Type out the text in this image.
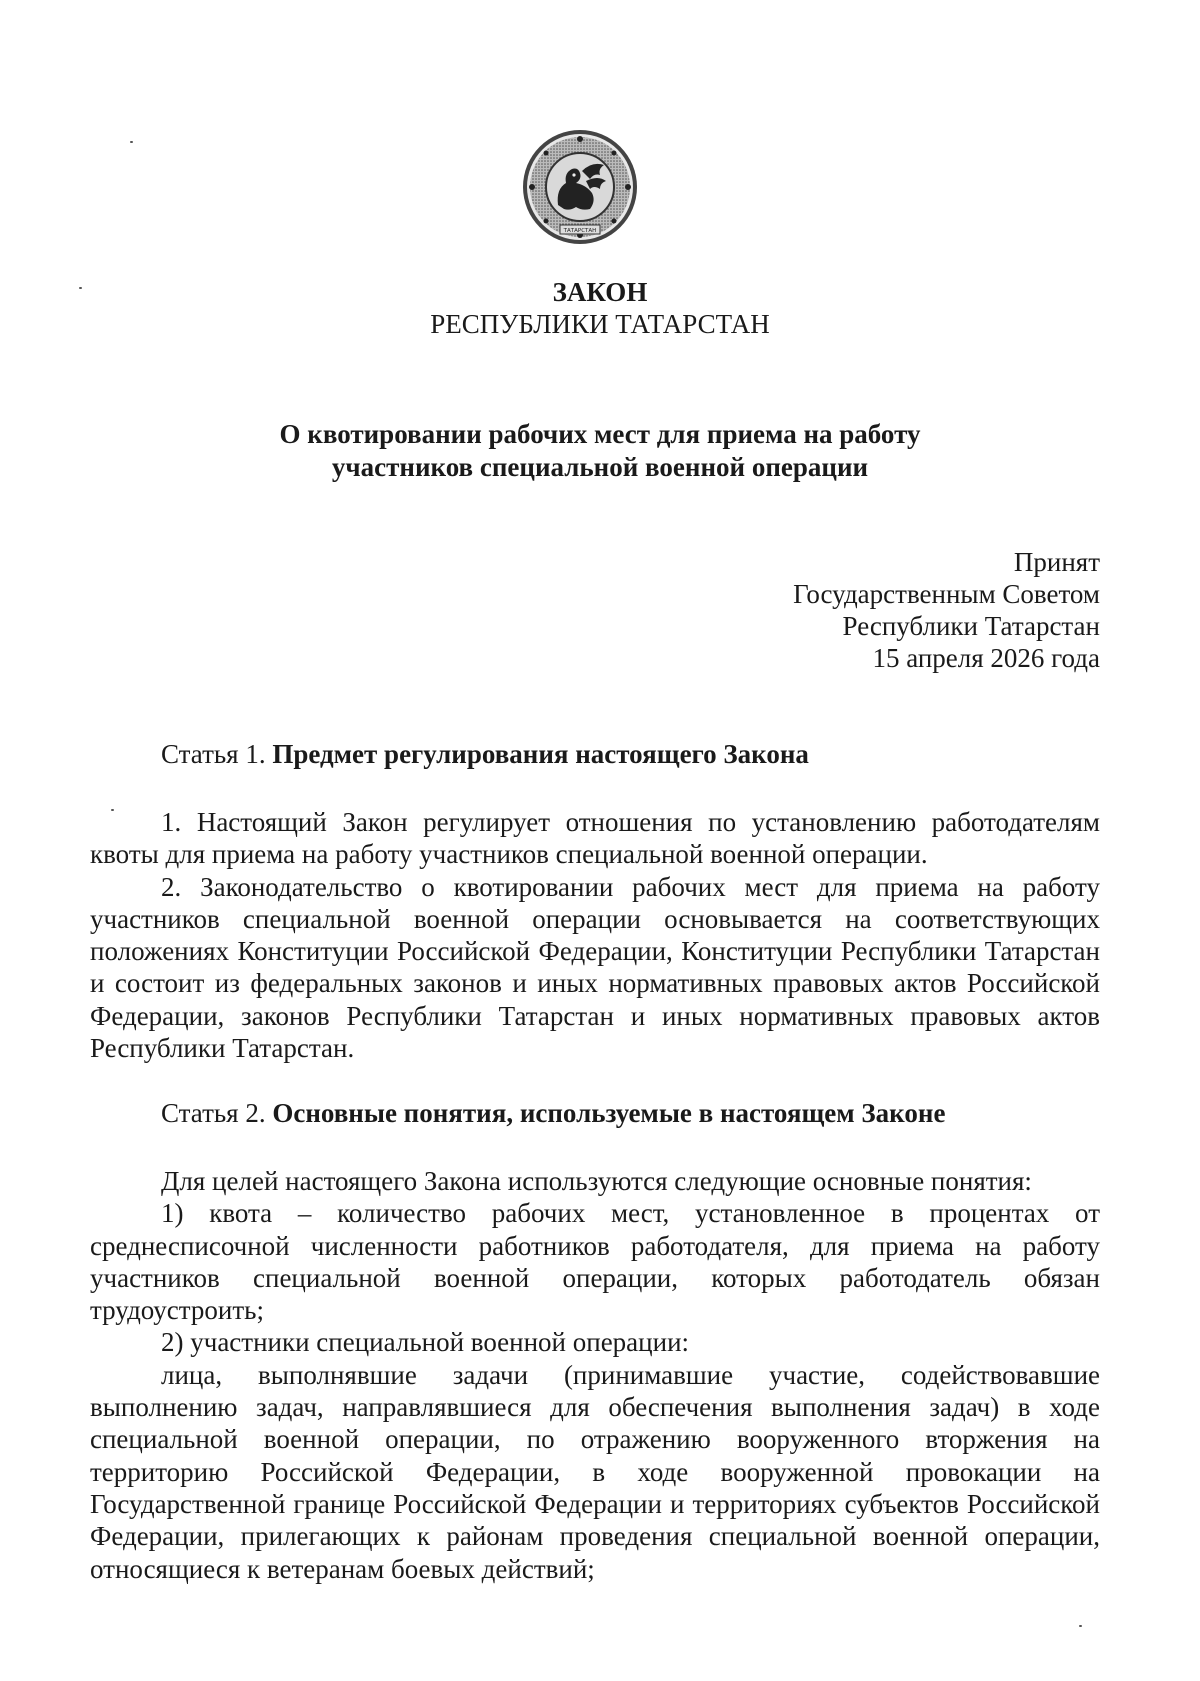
ТАТАРСТАН
ЗАКОН
РЕСПУБЛИКИ ТАТАРСТАН
О квотировании рабочих мест для приема на работу
участников специальной военной операции
Принят
Государственным Советом
Республики Татарстан
15 апреля 2026 года
Статья 1. Предмет регулирования настоящего Закона

1. Настоящий Закон регулирует отношения по установлению работодателям квоты для приема на работу участников специальной военной операции.

2. Законодательство о квотировании рабочих мест для приема на работу участников специальной военной операции основывается на соответствующих положениях Конституции Российской Федерации, Конституции Республики Татарстан и состоит из федеральных законов и иных нормативных правовых актов Российской Федерации, законов Республики Татарстан и иных нормативных правовых актов Республики Татарстан.

Статья 2. Основные понятия, используемые в настоящем Законе

Для целей настоящего Закона используются следующие основные понятия:

1) квота – количество рабочих мест, установленное в процентах от среднесписочной численности работников работодателя, для приема на работу участников специальной военной операции, которых работодатель обязан трудоустроить;

2) участники специальной военной операции:

лица, выполнявшие задачи (принимавшие участие, содействовавшие выполнению задач, направлявшиеся для обеспечения выполнения задач) в ходе специальной военной операции, по отражению вооруженного вторжения на территорию Российской Федерации, в ходе вооруженной провокации на Государственной границе Российской Федерации и территориях субъектов Российской Федерации, прилегающих к районам проведения специальной военной операции, относящиеся к ветеранам боевых действий;
